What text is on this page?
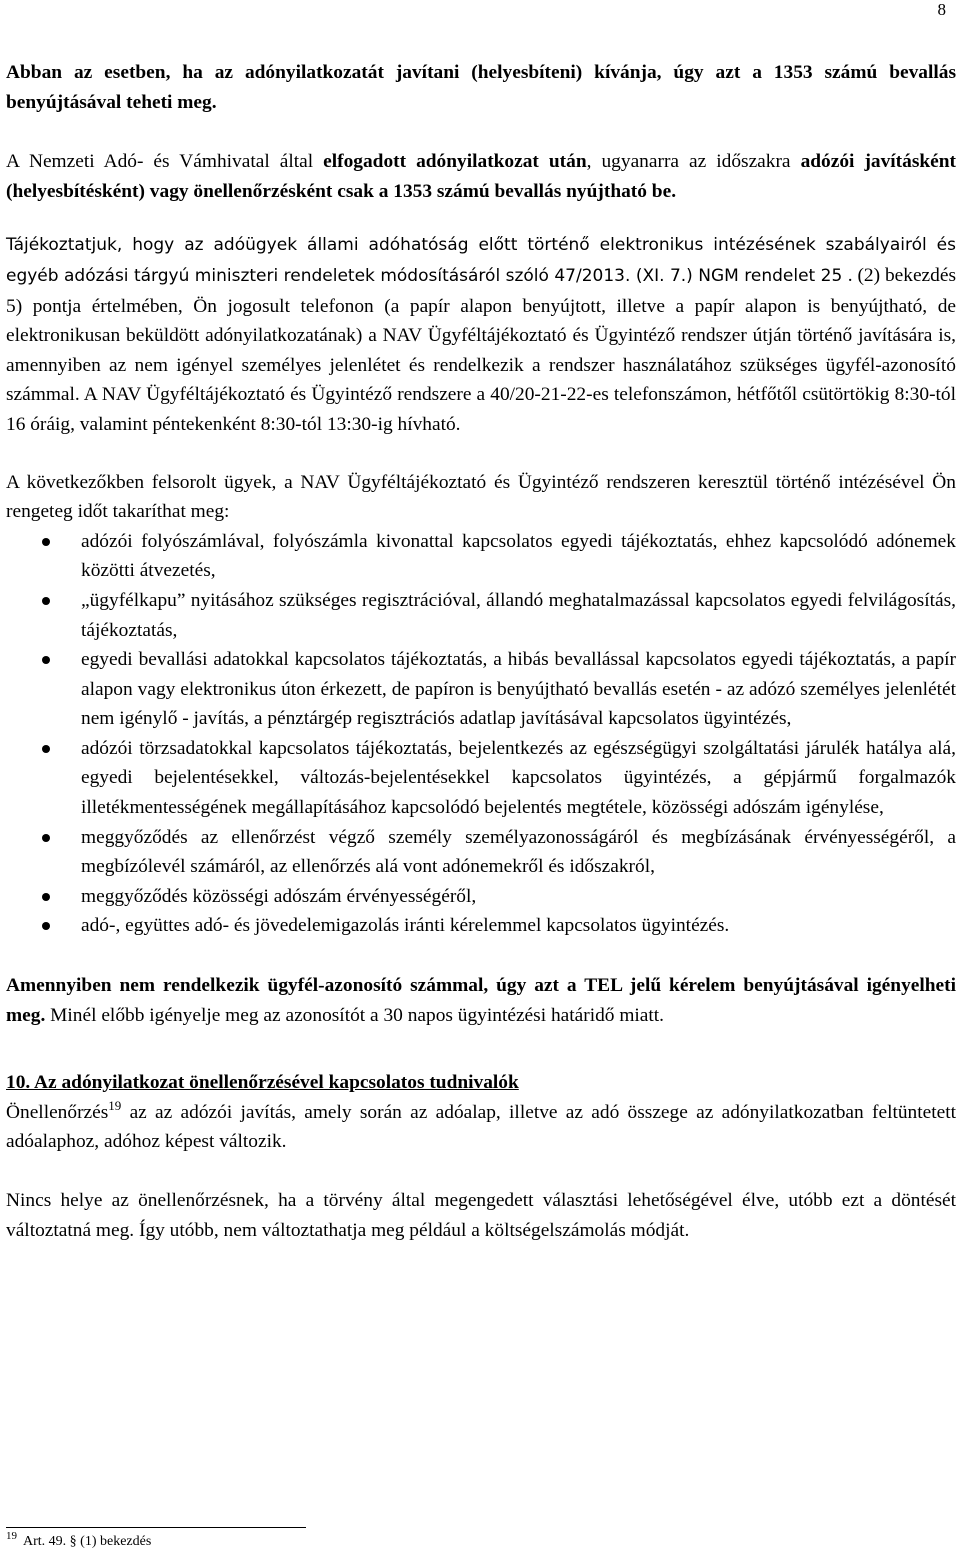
8

Abban az esetben, ha az adónyilatkozatát javítani (helyesbíteni) kívánja, úgy azt a 1353 számú bevallás benyújtásával teheti meg.

A Nemzeti Adó- és Vámhivatal által elfogadott adónyilatkozat után, ugyanarra az időszakra adózói javításként (helyesbítésként) vagy önellenőrzésként csak a 1353 számú bevallás nyújtható be.

Tájékoztatjuk, hogy az adóügyek állami adóhatóság előtt történő elektronikus intézésének szabályairól és egyéb adózási tárgyú miniszteri rendeletek módosításáról szóló 47/2013. (XI. 7.) NGM rendelet 25 . (2) bekezdés 5) pontja értelmében, Ön jogosult telefonon (a papír alapon benyújtott, illetve a papír alapon is benyújtható, de elektronikusan beküldött adónyilatkozatának) a NAV Ügyféltájékoztató és Ügyintéző rendszer útján történő javítására is, amennyiben az nem igényel személyes jelenlétet és rendelkezik a rendszer használatához szükséges ügyfél-azonosító számmal. A NAV Ügyféltájékoztató és Ügyintéző rendszere a 40/20-21-22-es telefonszámon, hétfőtől csütörtökig 8:30-tól 16 óráig, valamint péntekenként 8:30-tól 13:30-ig hívható.

A következőkben felsorolt ügyek, a NAV Ügyféltájékoztató és Ügyintéző rendszeren keresztül történő intézésével Ön rengeteg időt takaríthat meg:

adózói folyószámlával, folyószámla kivonattal kapcsolatos egyedi tájékoztatás, ehhez kapcsolódó adónemek közötti átvezetés,
„ügyfélkapu” nyitásához szükséges regisztrációval, állandó meghatalmazással kapcsolatos egyedi felvilágosítás, tájékoztatás,
egyedi bevallási adatokkal kapcsolatos tájékoztatás, a hibás bevallással kapcsolatos egyedi tájékoztatás, a papír alapon vagy elektronikus úton érkezett, de papíron is benyújtható bevallás esetén - az adózó személyes jelenlétét nem igénylő - javítás, a pénztárgép regisztrációs adatlap javításával kapcsolatos ügyintézés,
adózói törzsadatokkal kapcsolatos tájékoztatás, bejelentkezés az egészségügyi szolgáltatási járulék hatálya alá, egyedi bejelentésekkel, változás-bejelentésekkel kapcsolatos ügyintézés, a gépjármű forgalmazók illetékmentességének megállapításához kapcsolódó bejelentés megtétele, közösségi adószám igénylése,
meggyőződés az ellenőrzést végző személy személyazonosságáról és megbízásának érvényességéről, a megbízólevél számáról, az ellenőrzés alá vont adónemekről és időszakról,
meggyőződés közösségi adószám érvényességéről,
adó-, együttes adó- és jövedelemigazolás iránti kérelemmel kapcsolatos ügyintézés.

Amennyiben nem rendelkezik ügyfél-azonosító számmal, úgy azt a TEL jelű kérelem benyújtásával igényelheti meg. Minél előbb igényelje meg az azonosítót a 30 napos ügyintézési határidő miatt.

10. Az adónyilatkozat önellenőrzésével kapcsolatos tudnivalók

Önellenőrzés$^{19}$ az az adózói javítás, amely során az adóalap, illetve az adó összege az adónyilatkozatban feltüntetett adóalaphoz, adóhoz képest változik.

Nincs helye az önellenőrzésnek, ha a törvény által megengedett választási lehetőségével élve, utóbb ezt a döntését változtatná meg. Így utóbb, nem változtathatja meg például a költségelszámolás módját.

$^{19}$ Art. 49. § (1) bekezdés
